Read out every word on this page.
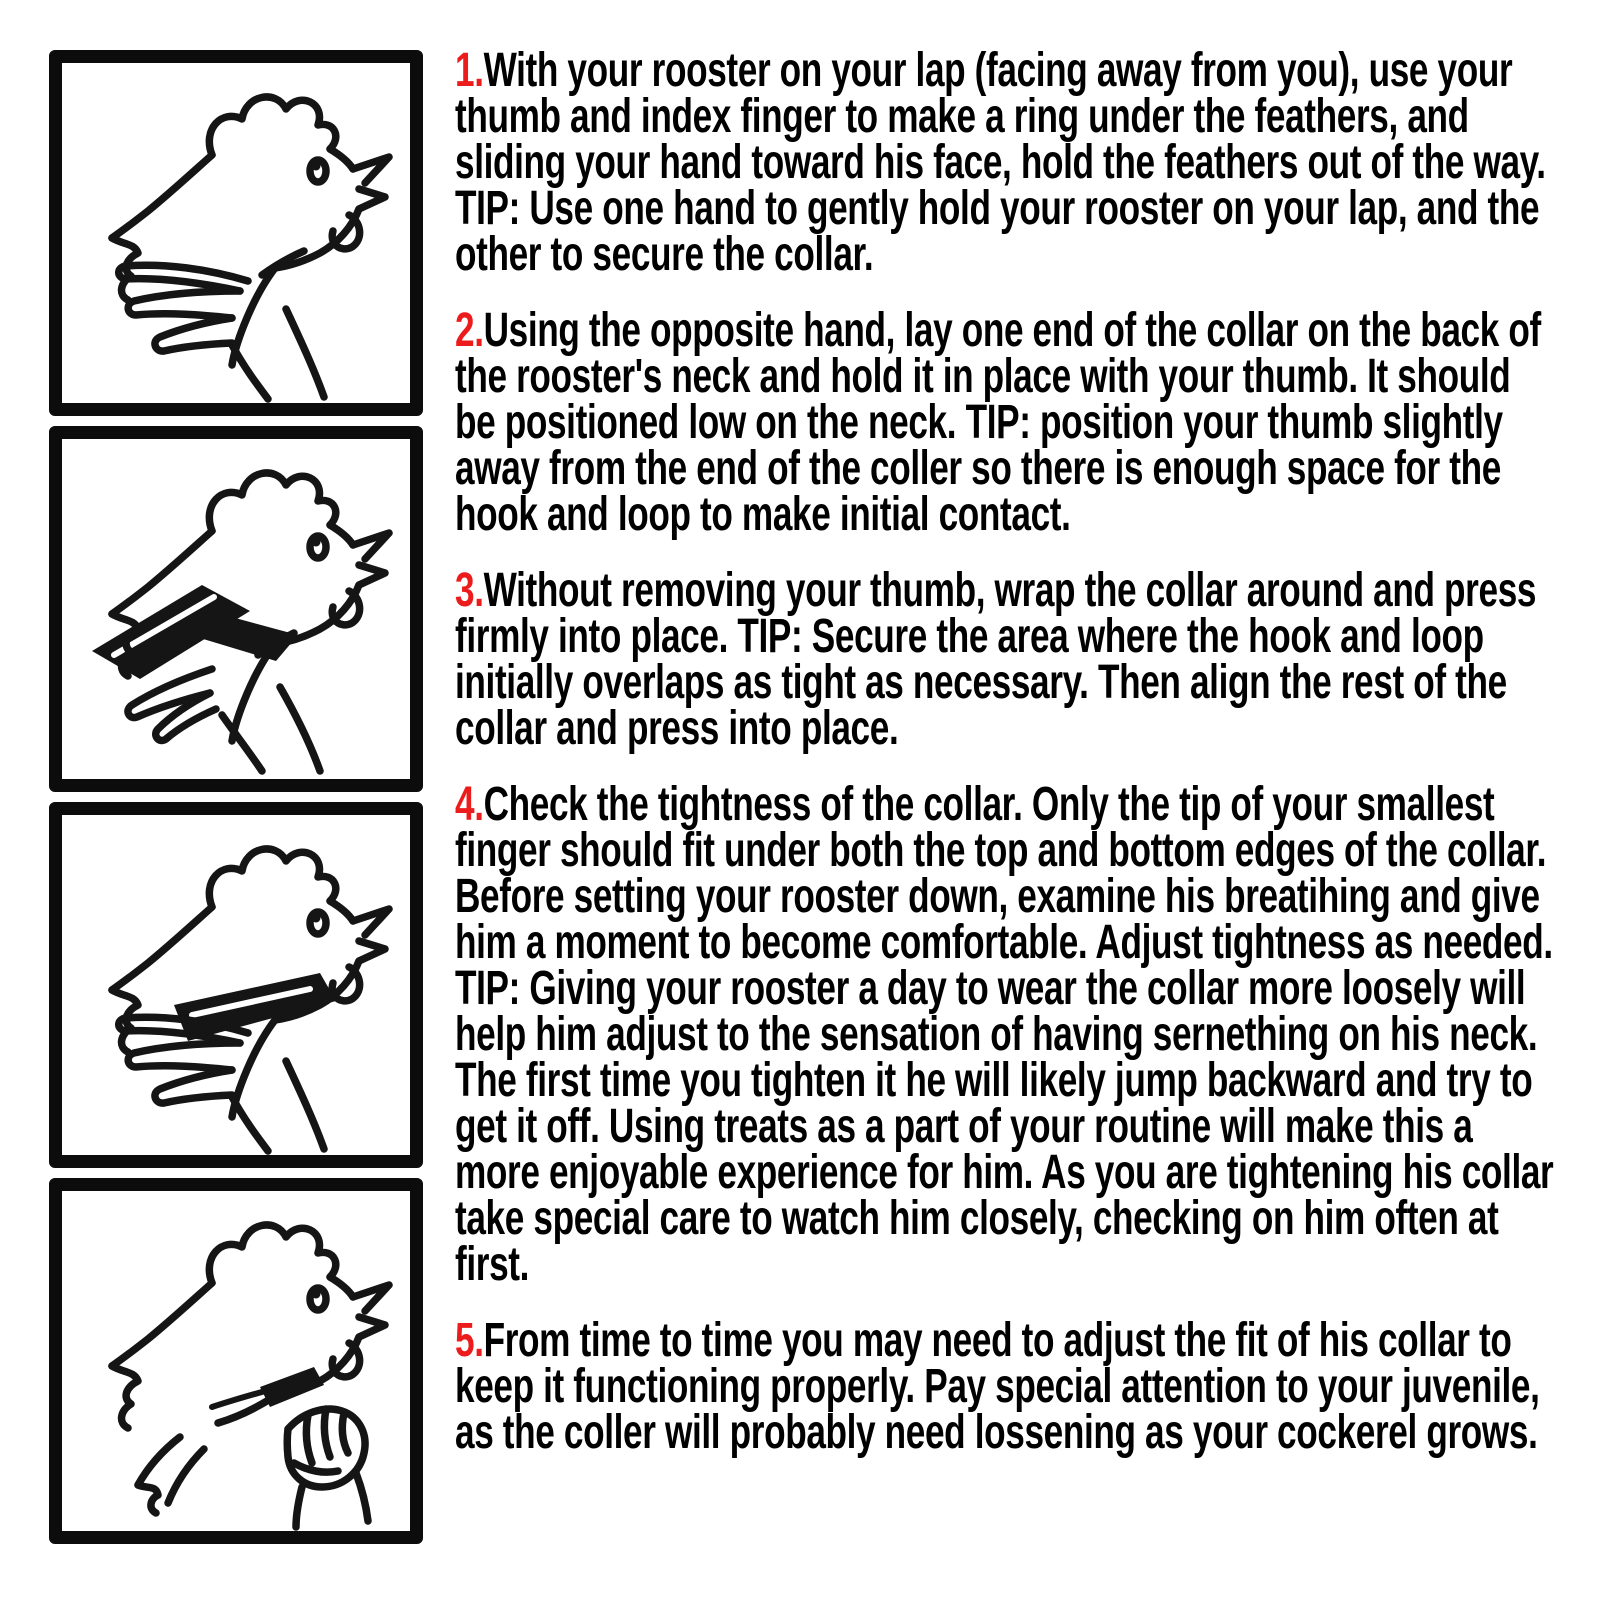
1.With your rooster on your lap (facing away from you), use your thumb and index finger to make a ring under the feathers, and sliding your hand toward his face, hold the feathers out of the way. TIP: Use one hand to gently hold your rooster on your lap, and the other to secure the collar.

2.Using the opposite hand, lay one end of the collar on the back of the rooster's neck and hold it in place with your thumb. It should be positioned low on the neck. TIP: position your thumb slightly away from the end of the coller so there is enough space for the hook and loop to make initial contact.

3.Without removing your thumb, wrap the collar around and press firmly into place. TIP: Secure the area where the hook and loop initially overlaps as tight as necessary. Then align the rest of the collar and press into place.

4.Check the tightness of the collar. Only the tip of your smallest finger should fit under both the top and bottom edges of the collar. Before setting your rooster down, examine his breatihing and give him a moment to become comfortable. Adjust tightness as needed. TIP: Giving your rooster a day to wear the collar more loosely will help him adjust to the sensation of having sernething on his neck. The first time you tighten it he will likely jump backward and try to get it off. Using treats as a part of your routine will make this a more enjoyable experience for him. As you are tightening his collar take special care to watch him closely, checking on him often at first.

5.From time to time you may need to adjust the fit of his collar to keep it functioning properly. Pay special attention to your juvenile, as the coller will probably need lossening as your cockerel grows.
